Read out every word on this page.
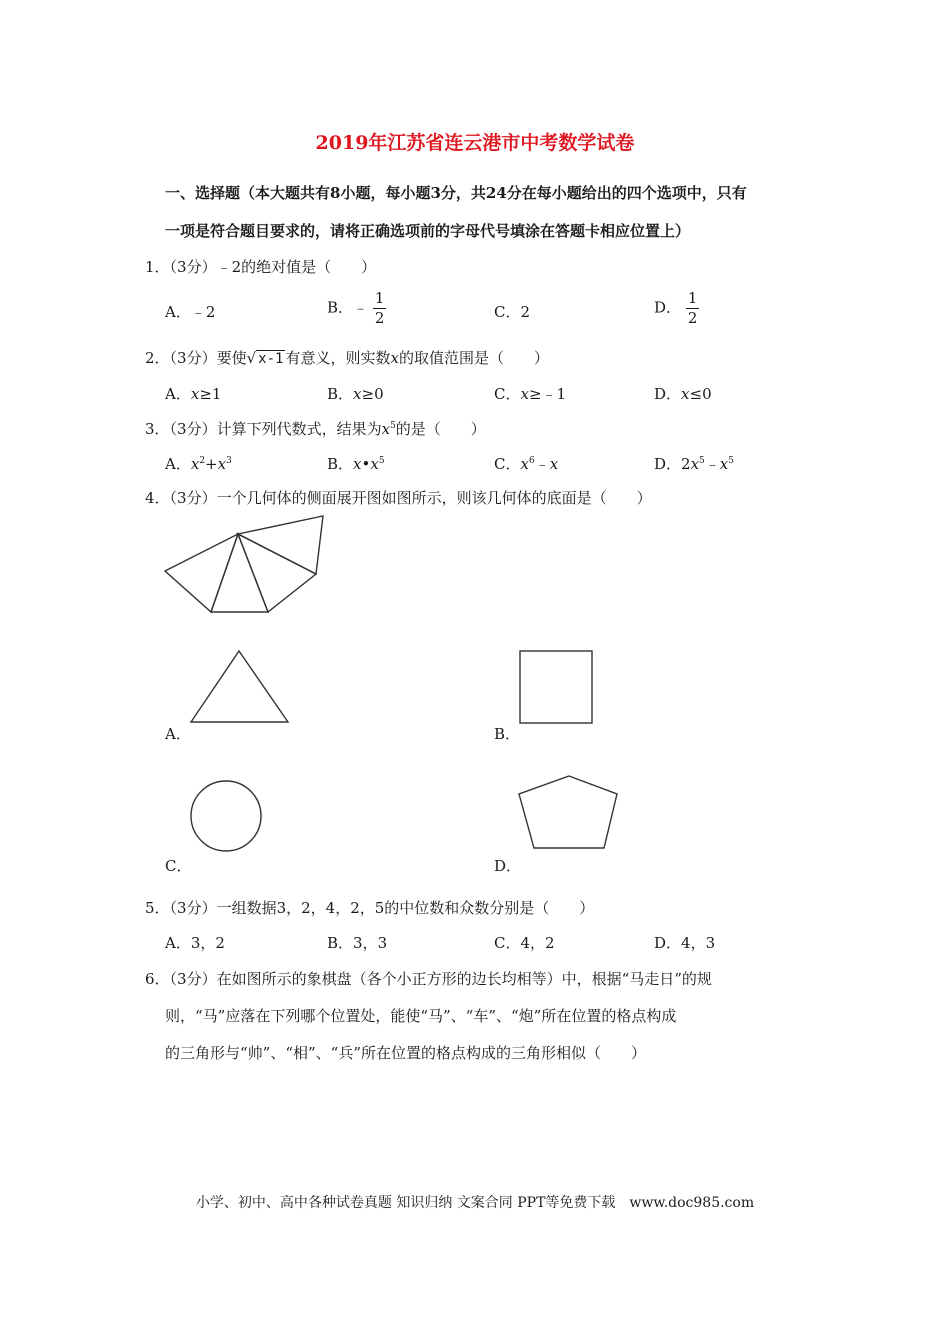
2019年江苏省连云港市中考数学试卷
一、选择题（本大题共有8小题，每小题3分，共24分在每小题给出的四个选项中，只有
一项是符合题目要求的，请将正确选项前的字母代号填涂在答题卡相应位置上）
1．（3分）﹣2的绝对值是（　　）
A．﹣2	B．﹣ $\frac{1}{2}$	C．2	D． $\frac{1}{2}$
2．（3分）要使√ x-1 有意义，则实数x的取值范围是（　　）
A．x≥1	B．x≥0	C．x≥﹣1	D．x≤0
3．（3分）计算下列代数式，结果为$x^5$的是（　　）
A．$x^2+x^3$	B．$x•x^5$	C．$x^6﹣x$	D．$2x^5﹣x^5$
4．（3分）一个几何体的侧面展开图如图所示，则该几何体的底面是（　　）
A．	B．
C．	D．
5．（3分）一组数据3，2，4，2，5的中位数和众数分别是（　　）
A．3，2	B．3，3	C．4，2	D．4，3
6．（3分）在如图所示的象棋盘（各个小正方形的边长均相等）中，根据“马走日”的规
则，“马”应落在下列哪个位置处，能使“马”、“车”、“炮”所在位置的格点构成
的三角形与“帅”、“相”、“兵”所在位置的格点构成的三角形相似（　　）
小学、初中、高中各种试卷真题 知识归纳 文案合同 PPT等免费下载　www.doc985.com
